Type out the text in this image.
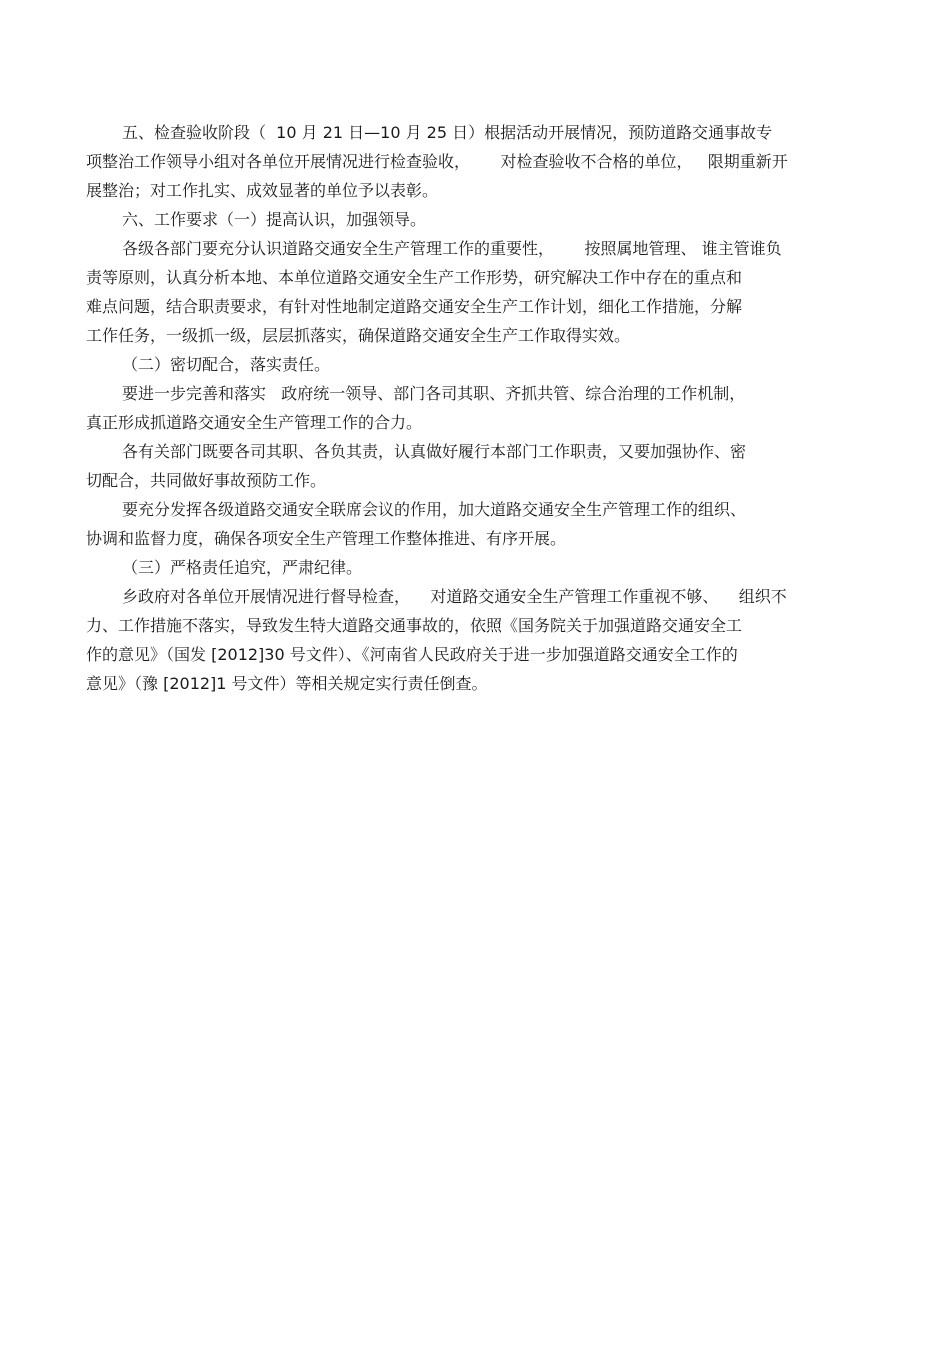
五、检查验收阶段（  10 月 21 日—10 月 25 日）根据活动开展情况，预防道路交通事故专
项整治工作领导小组对各单位开展情况进行检查验收，      对检查验收不合格的单位，   限期重新开
展整治；对工作扎实、成效显著的单位予以表彰。
六、工作要求（一）提高认识，加强领导。
各级各部门要充分认识道路交通安全生产管理工作的重要性，      按照属地管理、 谁主管谁负
责等原则，认真分析本地、本单位道路交通安全生产工作形势，研究解决工作中存在的重点和
难点问题，结合职责要求，有针对性地制定道路交通安全生产工作计划，细化工作措施，分解
工作任务，一级抓一级，层层抓落实，确保道路交通安全生产工作取得实效。
（二）密切配合，落实责任。
要进一步完善和落实   政府统一领导、部门各司其职、齐抓共管、综合治理的工作机制，
真正形成抓道路交通安全生产管理工作的合力。
各有关部门既要各司其职、各负其责，认真做好履行本部门工作职责，又要加强协作、密
切配合，共同做好事故预防工作。
要充分发挥各级道路交通安全联席会议的作用，加大道路交通安全生产管理工作的组织、
协调和监督力度，确保各项安全生产管理工作整体推进、有序开展。
（三）严格责任追究，严肃纪律。
乡政府对各单位开展情况进行督导检查，    对道路交通安全生产管理工作重视不够、    组织不
力、工作措施不落实，导致发生特大道路交通事故的，依照《国务院关于加强道路交通安全工
作的意见》（国发 [2012]30 号文件）、《河南省人民政府关于进一步加强道路交通安全工作的
意见》（豫 [2012]1 号文件）等相关规定实行责任倒查。
